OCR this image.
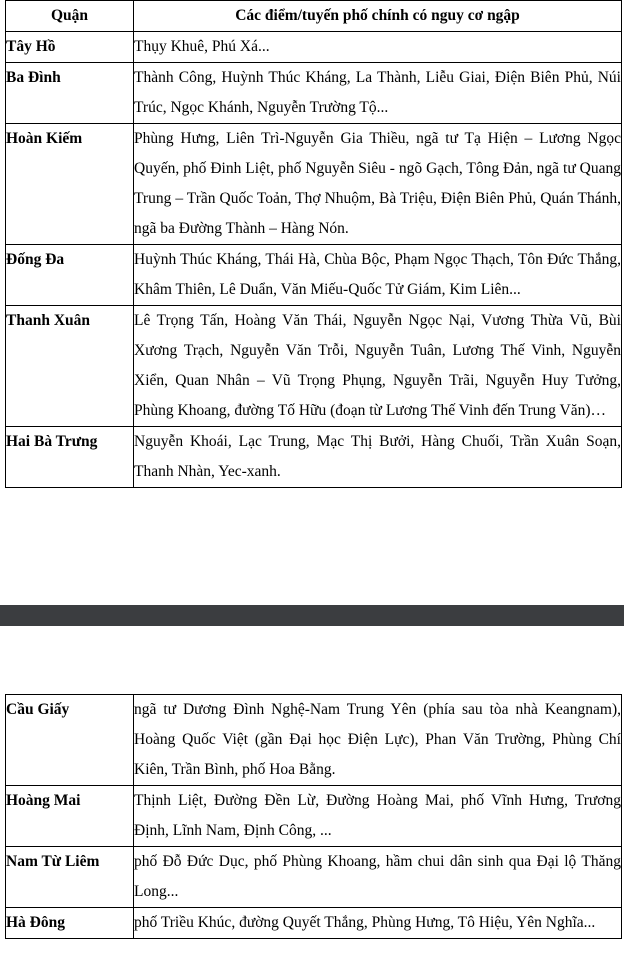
Quận	Các điểm/tuyến phố chính có nguy cơ ngập
Tây Hồ	Thụy Khuê, Phú Xá...
Ba Đình	Thành Công, Huỳnh Thúc Kháng, La Thành, Liễu Giai, Điện Biên Phủ, Núi Trúc, Ngọc Khánh, Nguyễn Trường Tộ...
Hoàn Kiếm	Phùng Hưng, Liên Trì-Nguyễn Gia Thiều, ngã tư Tạ Hiện – Lương Ngọc Quyến, phố Đinh Liệt, phố Nguyễn Siêu - ngõ Gạch, Tông Đản, ngã tư Quang Trung – Trần Quốc Toản, Thợ Nhuộm, Bà Triệu, Điện Biên Phủ, Quán Thánh, ngã ba Đường Thành – Hàng Nón.
Đống Đa	Huỳnh Thúc Kháng, Thái Hà, Chùa Bộc, Phạm Ngọc Thạch, Tôn Đức Thắng, Khâm Thiên, Lê Duẩn, Văn Miếu-Quốc Tử Giám, Kim Liên...
Thanh Xuân	Lê Trọng Tấn, Hoàng Văn Thái, Nguyễn Ngọc Nại, Vương Thừa Vũ, Bùi Xương Trạch, Nguyễn Văn Trỗi, Nguyễn Tuân, Lương Thế Vinh, Nguyễn Xiển, Quan Nhân – Vũ Trọng Phụng, Nguyễn Trãi, Nguyễn Huy Tưởng, Phùng Khoang, đường Tố Hữu (đoạn từ Lương Thế Vinh đến Trung Văn)…
Hai Bà Trưng	Nguyễn Khoái, Lạc Trung, Mạc Thị Bưởi, Hàng Chuối, Trần Xuân Soạn, Thanh Nhàn, Yec-xanh.
Cầu Giấy	ngã tư Dương Đình Nghệ-Nam Trung Yên (phía sau tòa nhà Keangnam), Hoàng Quốc Việt (gần Đại học Điện Lực), Phan Văn Trường, Phùng Chí Kiên, Trần Bình, phố Hoa Bằng.
Hoàng Mai	Thịnh Liệt, Đường Đền Lừ, Đường Hoàng Mai, phố Vĩnh Hưng, Trương Định, Lĩnh Nam, Định Công, ...
Nam Từ Liêm	phố Đỗ Đức Dục, phố Phùng Khoang, hầm chui dân sinh qua Đại lộ Thăng Long...
Hà Đông	phố Triều Khúc, đường Quyết Thắng, Phùng Hưng, Tô Hiệu, Yên Nghĩa...
